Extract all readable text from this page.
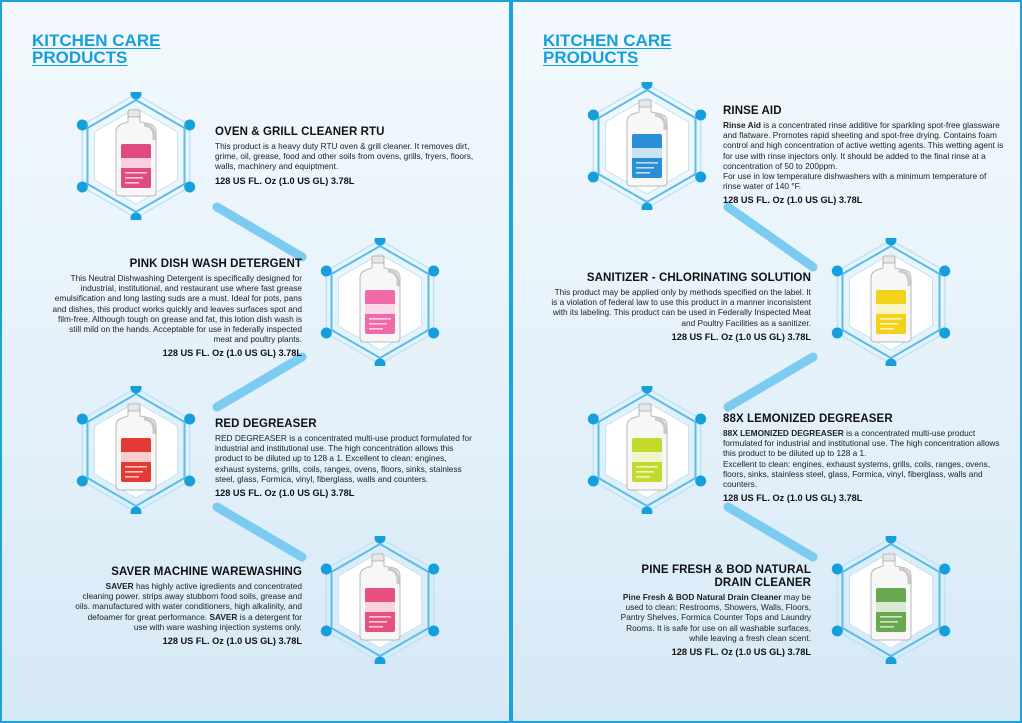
KITCHEN CARE
PRODUCTS
OVEN & GRILL CLEANER RTU

This product is a heavy duty RTU oven & grill cleaner. It removes dirt, grime, oil, grease, food and other soils from ovens, grills, fryers, floors, walls, machinery and equiptment.

128 US FL. Oz (1.0 US GL) 3.78L
PINK DISH WASH DETERGENT

This Neutral Dishwashing Detergent is specifically designed for industrial, institutional, and restaurant use where fast grease emulsification and long lasting suds are a must. Ideal for pots, pans and dishes, this product works quickly and leaves surfaces spot and film-free. Although tough on grease and fat, this lotion dish wash is still mild on the hands. Acceptable for use in federally inspected meat and poultry plants.

128 US FL. Oz (1.0 US GL) 3.78L
RED DEGREASER

RED DEGREASER is a concentrated multi-use product formulated for industrial and institutional use. The high concentration allows this product to be diluted up to 128 a 1. Excellent to clean: engines, exhaust systems, grills, coils, ranges, ovens, floors, sinks, stainless steel, glass, Formica, vinyl, fiberglass, walls and counters.

128 US FL. Oz (1.0 US GL) 3.78L
SAVER MACHINE WAREWASHING

SAVER has highly active igredients and concentrated cleaning power. strips away stubborn food soils, grease and oils. manufactured with water conditioners, high alkalinity, and defoamer for great performance. SAVER is a detergent for use with ware washing injection systems only.

128 US FL. Oz (1.0 US GL) 3.78L
KITCHEN CARE
PRODUCTS
RINSE AID

Rinse Aid is a concentrated rinse additive for sparkling spot-free glassware and flatware. Promotes rapid sheeting and spot-free drying. Contains foam control and high concentration of active wetting agents. This wetting agent is for use with rinse injectors only. It should be added to the final rinse at a concentration of 50 to 200ppm.

For use in low temperature dishwashers with a minimum temperature of rinse water of 140 °F.

128 US FL. Oz (1.0 US GL) 3.78L
SANITIZER - CHLORINATING SOLUTION

This product may be applied only by methods specified on the label. It is a violation of federal law to use this product in a manner inconsistent with its labeling. This product can be used in Federally Inspected Meat and Poultry Facilities as a sanitizer.

128 US FL. Oz (1.0 US GL) 3.78L
88X LEMONIZED DEGREASER

88X LEMONIZED DEGREASER is a concentrated multi-use product formulated for industrial and institutional use. The high concentration allows this product to be diluted up to 128 a 1.

Excellent to clean: engines, exhaust systems, grills, coils, ranges, ovens, floors, sinks, stainless steel, glass, Formica, vinyl, fiberglass, walls and counters.

128 US FL. Oz (1.0 US GL) 3.78L
PINE FRESH & BOD NATURAL DRAIN CLEANER

Pine Fresh & BOD Natural Drain Cleaner may be used to clean: Restrooms, Showers, Walls, Floors, Pantry Shelves, Formica Counter Tops and Laundry Rooms. It is safe for use on all washable surfaces, while leaving a fresh clean scent.

128 US FL. Oz (1.0 US GL) 3.78L
